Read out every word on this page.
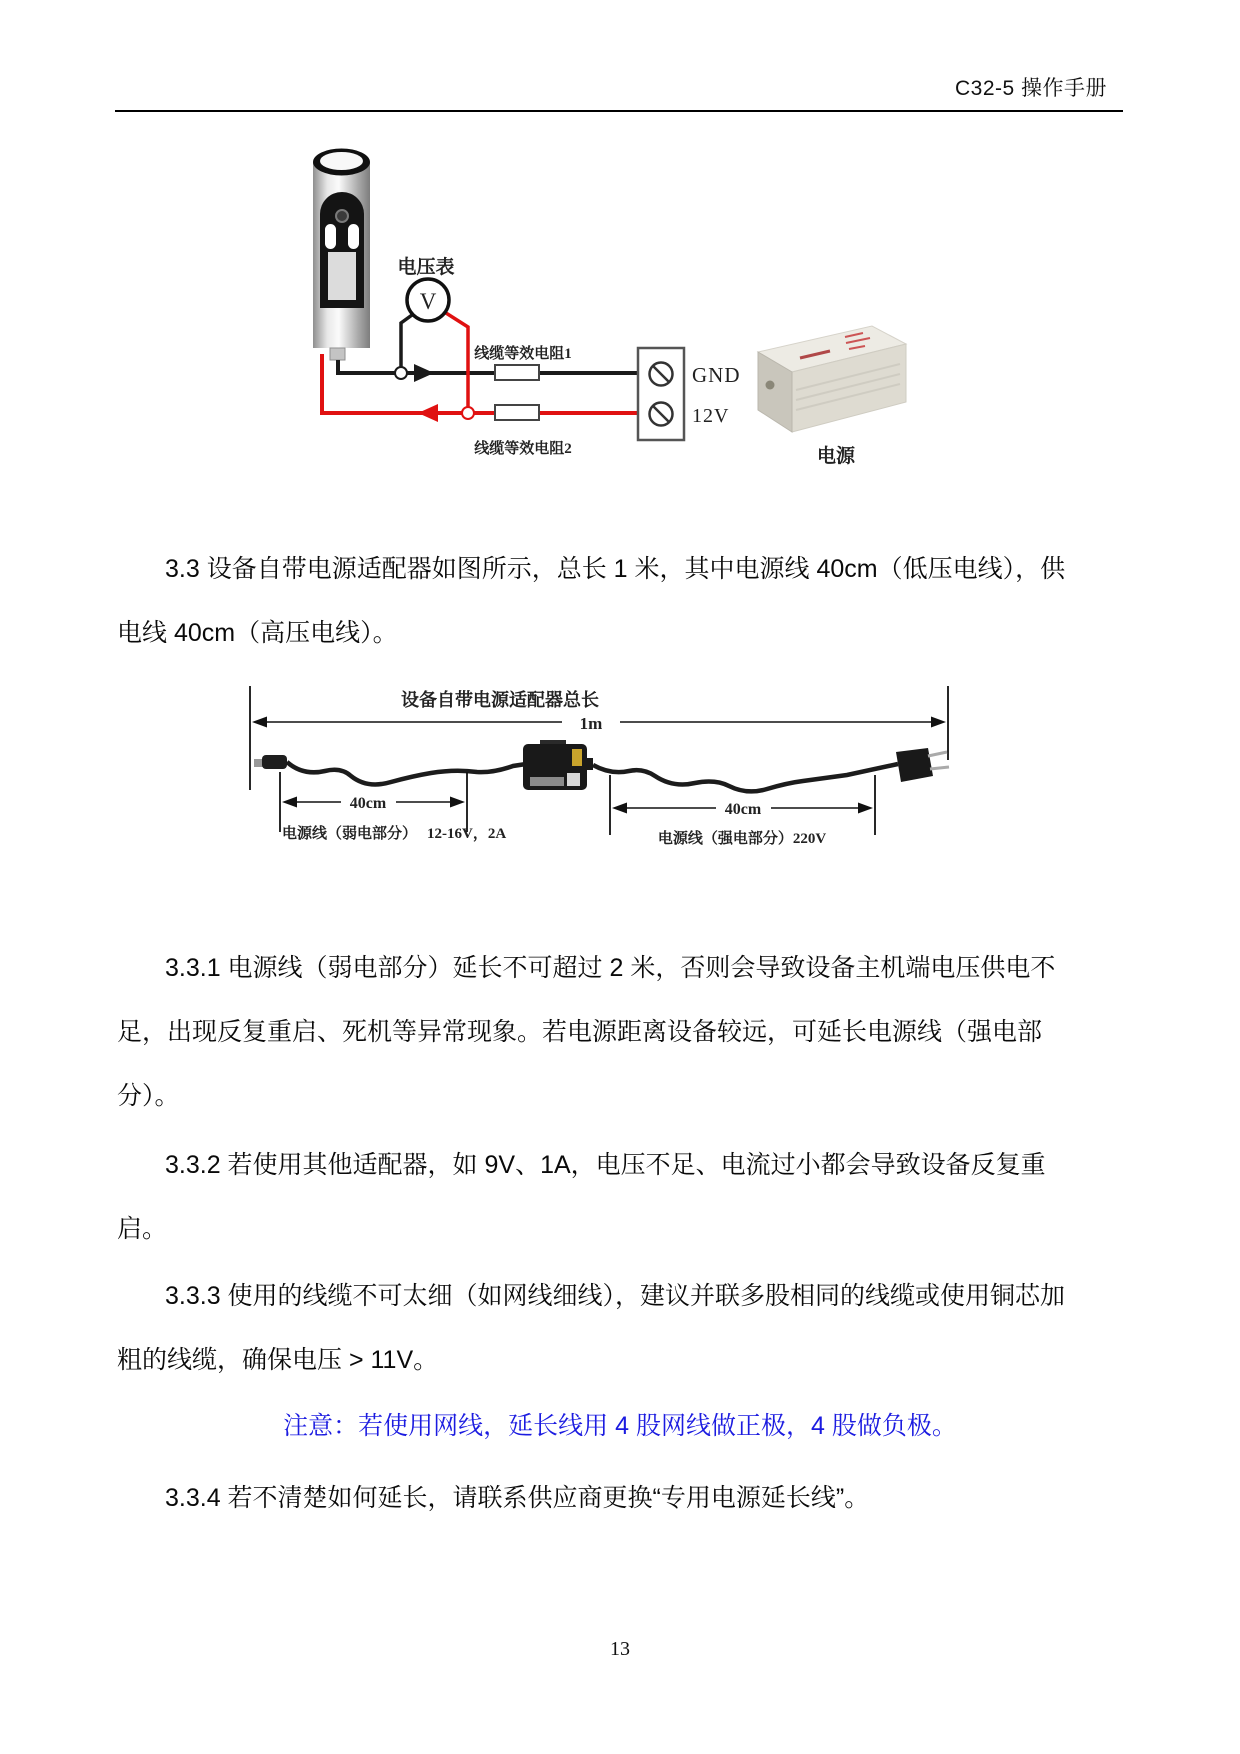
C32-5 操作手册
V
电压表
线缆等效电阻1
线缆等效电阻2
GND
12V
电源
3.3 设备自带电源适配器如图所示，总长 1 米，其中电源线 40cm（低压电线），供
电线 40cm（高压电线）。
设备自带电源适配器总长
1m
40cm
电源线（弱电部分） 12-16V，2A
40cm
电源线（强电部分）220V
3.3.1 电源线（弱电部分）延长不可超过 2 米，否则会导致设备主机端电压供电不
足，出现反复重启、死机等异常现象。若电源距离设备较远，可延长电源线（强电部
分）。
3.3.2 若使用其他适配器，如 9V、1A，电压不足、电流过小都会导致设备反复重
启。
3.3.3 使用的线缆不可太细（如网线细线），建议并联多股相同的线缆或使用铜芯加
粗的线缆，确保电压 > 11V。
注意：若使用网线，延长线用 4 股网线做正极，4 股做负极。
3.3.4 若不清楚如何延长，请联系供应商更换“专用电源延长线”。
13
